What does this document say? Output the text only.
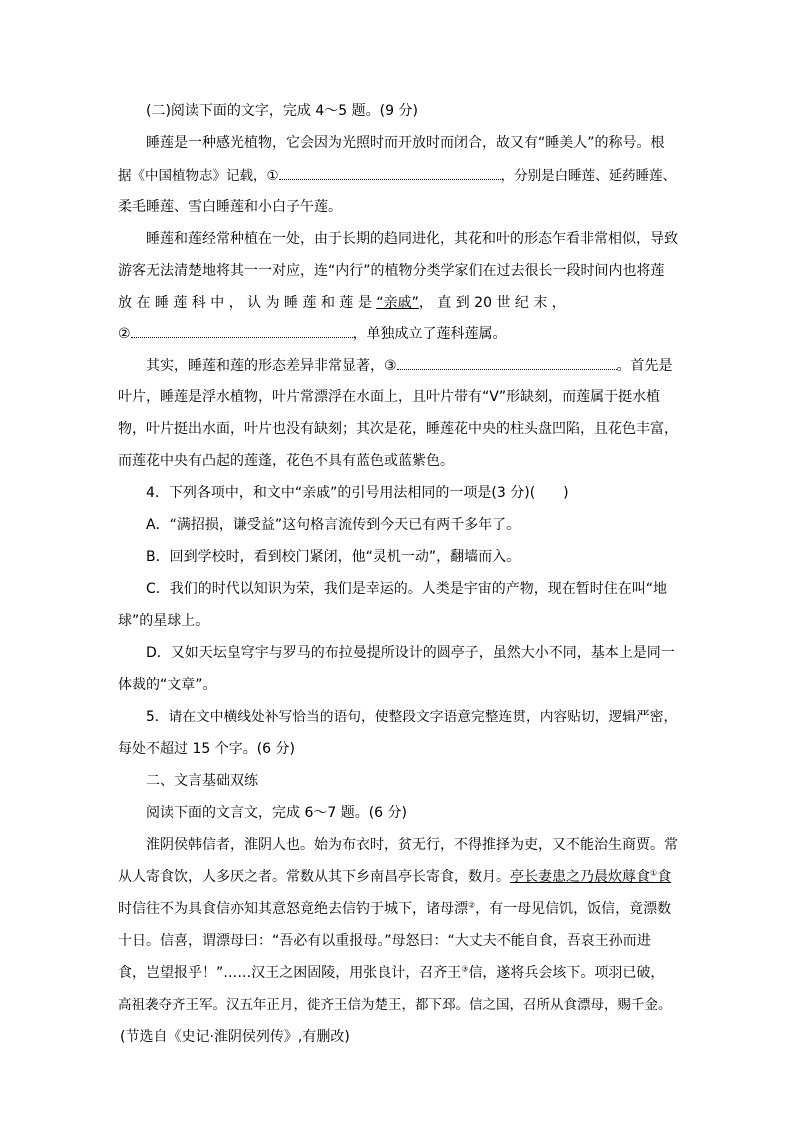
(二)阅读下面的文字，完成 4～5 题。(9 分)
睡莲是一种感光植物，它会因为光照时而开放时而闭合，故又有“睡美人”的称号。根
据《中国植物志》记载，①	，分别是白睡莲、延药睡莲、
柔毛睡莲、雪白睡莲和小白子午莲。
睡莲和莲经常种植在一处，由于长期的趋同进化，其花和叶的形态乍看非常相似，导致
游客无法清楚地将其一一对应，连“内行”的植物分类学家们在过去很长一段时间内也将莲
放 在 睡 莲 科 中 ， 认 为 睡 莲 和 莲 是 “亲戚”， 直 到 20 世 纪 末 ，
②	，单独成立了莲科莲属。
其实，睡莲和莲的形态差异非常显著，③	。首先是
叶片，睡莲是浮水植物，叶片常漂浮在水面上，且叶片带有“V”形缺刻，而莲属于挺水植
物，叶片挺出水面，叶片也没有缺刻；其次是花，睡莲花中央的柱头盘凹陷，且花色丰富，
而莲花中央有凸起的莲蓬，花色不具有蓝色或蓝紫色。
4．下列各项中，和文中“亲戚”的引号用法相同的一项是(3 分)(　　)
A．“满招损，谦受益”这句格言流传到今天已有两千多年了。
B．回到学校时，看到校门紧闭，他“灵机一动”，翻墙而入。
C．我们的时代以知识为荣，我们是幸运的。人类是宇宙的产物，现在暂时住在叫“地
球”的星球上。
D．又如天坛皇穹宇与罗马的布拉曼提所设计的圆亭子，虽然大小不同，基本上是同一
体裁的“文章”。
5．请在文中横线处补写恰当的语句，使整段文字语意完整连贯，内容贴切，逻辑严密，
每处不超过 15 个字。(6 分)
二、文言基础双练
阅读下面的文言文，完成 6～7 题。(6 分)
淮阴侯韩信者，淮阴人也。始为布衣时，贫无行，不得推择为吏，又不能治生商贾。常
从人寄食饮，人多厌之者。常数从其下乡南昌亭长寄食，数月。亭长妻患之乃晨炊蓐食①食
时信往不为具食信亦知其意怒竟绝去信钓于城下，诸母漂②，有一母见信饥，饭信，竟漂数
十日。信喜，谓漂母曰：“吾必有以重报母。”母怒曰：“大丈夫不能自食，吾哀王孙而进
食，岂望报乎！”……汉王之困固陵，用张良计，召齐王③信，遂将兵会垓下。项羽已破，
高祖袭夺齐王军。汉五年正月，徙齐王信为楚王，都下邳。信之国，召所从食漂母，赐千金。
(节选自《史记·淮阴侯列传》,有删改)
